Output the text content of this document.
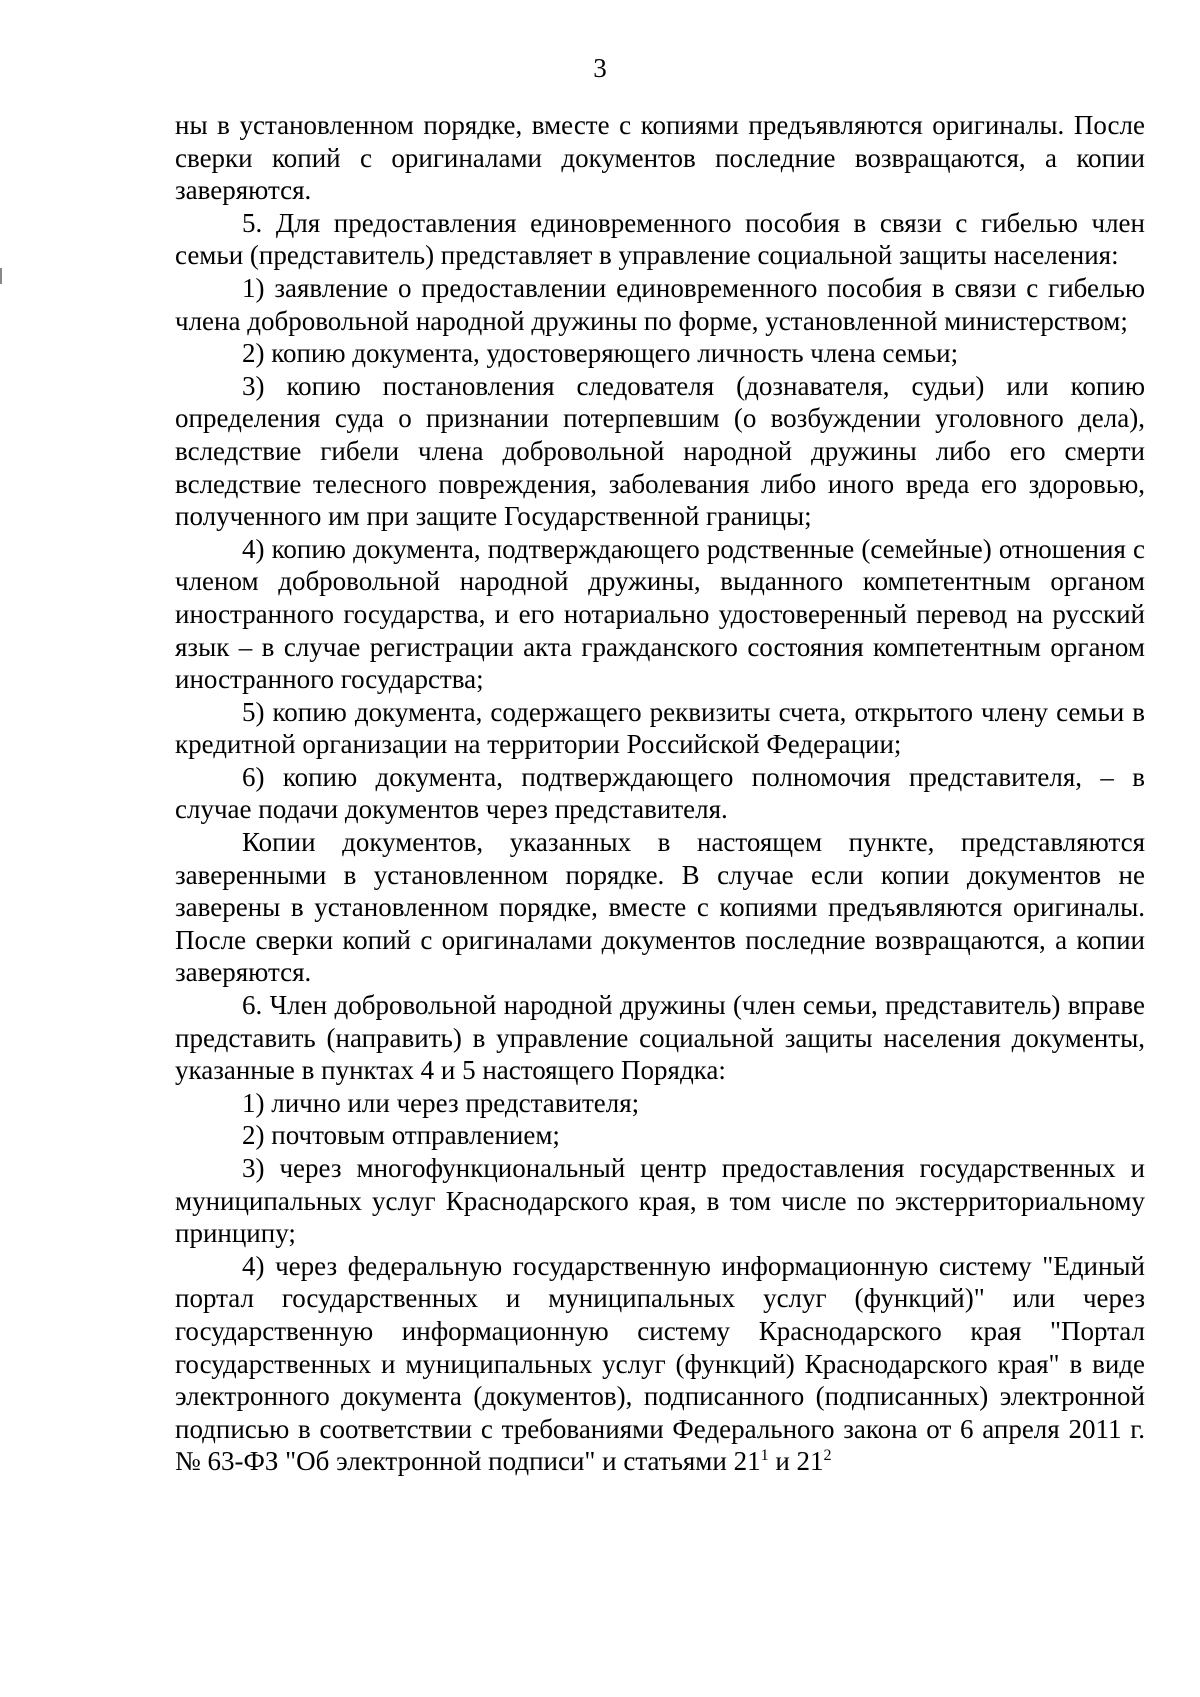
3

ны в установленном порядке, вместе с копиями предъявляются оригиналы. После сверки копий с оригиналами документов последние возвращаются, а копии заверяются.

5. Для предоставления единовременного пособия в связи с гибелью член семьи (представитель) представляет в управление социальной защиты населения:

1) заявление о предоставлении единовременного пособия в связи с гибелью члена добровольной народной дружины по форме, установленной министерством;

2) копию документа, удостоверяющего личность члена семьи;

3) копию постановления следователя (дознавателя, судьи) или копию определения суда о признании потерпевшим (о возбуждении уголовного дела), вследствие гибели члена добровольной народной дружины либо его смерти вследствие телесного повреждения, заболевания либо иного вреда его здоровью, полученного им при защите Государственной границы;

4) копию документа, подтверждающего родственные (семейные) отношения с членом добровольной народной дружины, выданного компетентным органом иностранного государства, и его нотариально удостоверенный перевод на русский язык – в случае регистрации акта гражданского состояния компетентным органом иностранного государства;

5) копию документа, содержащего реквизиты счета, открытого члену семьи в кредитной организации на территории Российской Федерации;

6) копию документа, подтверждающего полномочия представителя, – в случае подачи документов через представителя.

Копии документов, указанных в настоящем пункте, представляются заверенными в установленном порядке. В случае если копии документов не заверены в установленном порядке, вместе с копиями предъявляются оригиналы. После сверки копий с оригиналами документов последние возвращаются, а копии заверяются.

6. Член добровольной народной дружины (член семьи, представитель) вправе представить (направить) в управление социальной защиты населения документы, указанные в пунктах 4 и 5 настоящего Порядка:

1) лично или через представителя;

2) почтовым отправлением;

3) через многофункциональный центр предоставления государственных и муниципальных услуг Краснодарского края, в том числе по экстерриториальному принципу;

4) через федеральную государственную информационную систему "Единый портал государственных и муниципальных услуг (функций)" или через государственную информационную систему Краснодарского края "Портал государственных и муниципальных услуг (функций) Краснодарского края" в виде электронного документа (документов), подписанного (подписанных) электронной подписью в соответствии с требованиями Федерального закона от 6 апреля 2011 г. № 63-ФЗ "Об электронной подписи" и статьями $21^1$ и $21^2$
